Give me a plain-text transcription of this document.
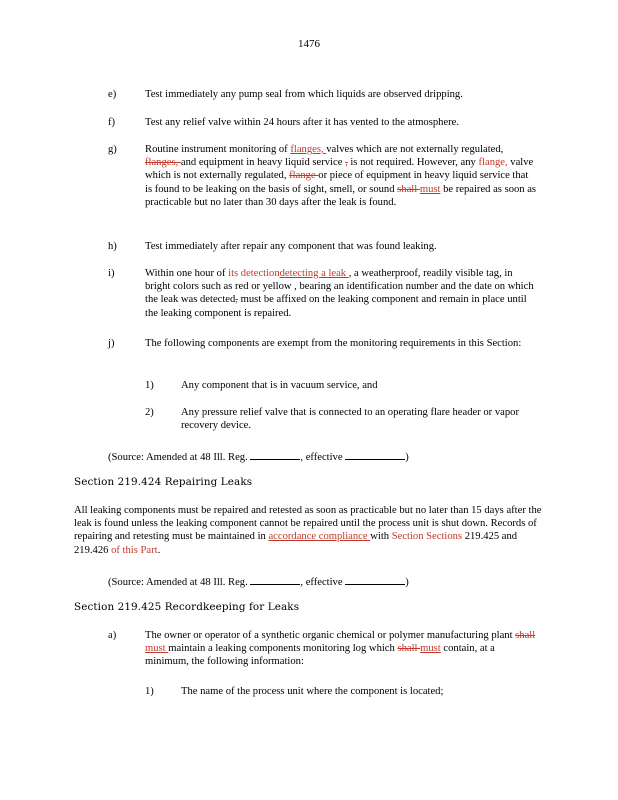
1476
e)	Test immediately any pump seal from which liquids are observed dripping.
f)	Test any relief valve within 24 hours after it has vented to the atmosphere.
g)	Routine instrument monitoring of flanges, valves which are not externally regulated, flanges, and equipment in heavy liquid service , is not required. However, any flange, valve which is not externally regulated, flange or piece of equipment in heavy liquid service that is found to be leaking on the basis of sight, smell, or sound shall must be repaired as soon as practicable but no later than 30 days after the leak is found.
h)	Test immediately after repair any component that was found leaking.
i)	Within one hour of its detectiondetecting a leak , a weatherproof, readily visible tag, in bright colors such as red or yellow , bearing an identification number and the date on which the leak was detected, must be affixed on the leaking component and remain in place until the leaking component is repaired.
j)	The following components are exempt from the monitoring requirements in this Section:
1)	Any component that is in vacuum service, and
2)	Any pressure relief valve that is connected to an operating flare header or vapor recovery device.
(Source: Amended at 48 Ill. Reg.	, effective	)
Section 219.424 Repairing Leaks
All leaking components must be repaired and retested as soon as practicable but no later than 15 days after the leak is found unless the leaking component cannot be repaired until the process unit is shut down. Records of repairing and retesting must be maintained in accordance compliance with Section Sections 219.425 and 219.426 of this Part.
(Source: Amended at 48 Ill. Reg.	, effective	)
Section 219.425 Recordkeeping for Leaks
a)	The owner or operator of a synthetic organic chemical or polymer manufacturing plant shall must maintain a leaking components monitoring log which shall must contain, at a minimum, the following information:
1)	The name of the process unit where the component is located;
